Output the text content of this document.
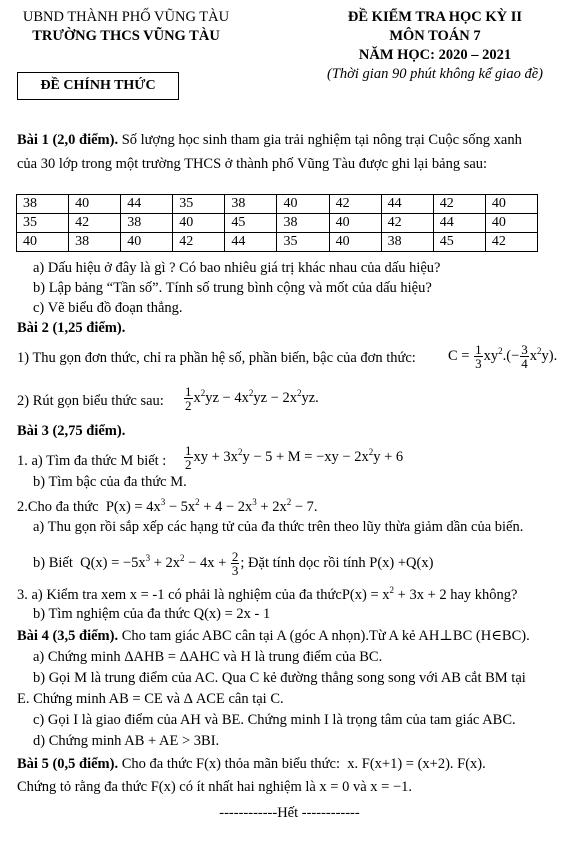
UBND THÀNH PHỐ VŨNG TÀU
TRƯỜNG THCS VŨNG TÀU
ĐỀ KIỂM TRA HỌC KỲ II
MÔN TOÁN 7
NĂM HỌC: 2020 – 2021
(Thời gian 90 phút không kể giao đề)
ĐỀ CHÍNH THỨC
Bài 1 (2,0 điểm). Số lượng học sinh tham gia trải nghiệm tại nông trại Cuộc sống xanh
của 30 lớp trong một trường THCS ở thành phố Vũng Tàu được ghi lại bảng sau:
38	40	44	35	38	40	42	44	42	40
35	42	38	40	45	38	40	42	44	40
40	38	40	42	44	35	40	38	45	42
a) Dấu hiệu ở đây là gì ? Có bao nhiêu giá trị khác nhau của dấu hiệu?
b) Lập bảng “Tần số”. Tính số trung bình cộng và mốt của dấu hiệu?
c) Vẽ biểu đồ đoạn thẳng.
Bài 2 (1,25 điểm).
1) Thu gọn đơn thức, chỉ ra phần hệ số, phần biến, bậc của đơn thức: $C = \frac{1}{3} xy^2.(- \frac{3}{4} x^2y)$.
2) Rút gọn biểu thức sau: $\frac{1}{2} x^2yz - 4x^2yz - 2x^2yz$.
Bài 3 (2,75 điểm).
1. a) Tìm đa thức M biết : $\frac{1}{2}$ xy + $3x^2y - 5 + M = -xy - 2x^2y + 6$
b) Tìm bậc của đa thức M.
2.Cho đa thức  $P(x) = 4x^3 - 5x^2 + 4 - 2x^3 + 2x^2 - 7$.
a) Thu gọn rồi sắp xếp các hạng tử của đa thức trên theo lũy thừa giảm dần của biến.
b) Biết  $Q(x) = -5x^3 + 2x^2 - 4x + \frac{2}{3}$ ; Đặt tính dọc rồi tính P(x) +Q(x)
3. a) Kiểm tra xem x = -1 có phải là nghiệm của đa thứcP(x) = $x^2 + 3x + 2$ hay không?
b) Tìm nghiệm của đa thức Q(x) = 2x - 1
Bài 4 (3,5 điểm). Cho tam giác ABC cân tại A (góc A nhọn).Từ A kẻ AH⊥BC (H∈BC).
a) Chứng minh ΔAHB = ΔAHC và H là trung điểm của BC.
b) Gọi M là trung điểm của AC. Qua C kẻ đường thẳng song song với AB cắt BM tại
E. Chứng minh AB = CE và Δ ACE cân tại C.
c) Gọi I là giao điểm của AH và BE. Chứng minh I là trọng tâm của tam giác ABC.
d) Chứng minh AB + AE > 3BI.
Bài 5 (0,5 điểm). Cho đa thức F(x) thỏa mãn biểu thức: x. F(x+1) = (x+2). F(x).
Chứng tỏ rằng đa thức F(x) có ít nhất hai nghiệm là x = 0 và x = −1.
------------Hết ------------
